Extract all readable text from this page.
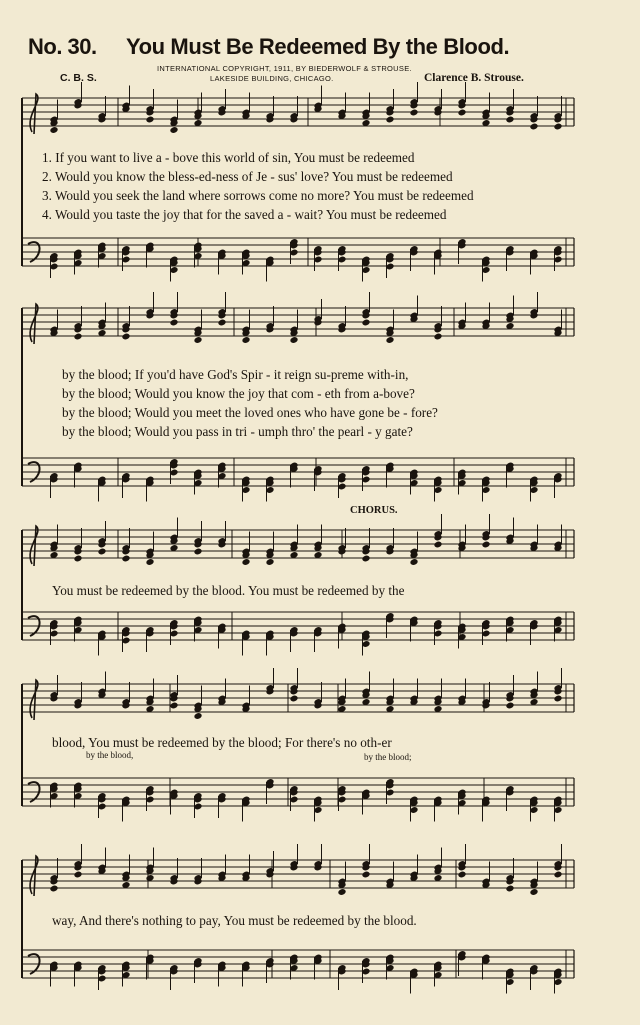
No. 30. You Must Be Redeemed By the Blood.
INTERNATIONAL COPYRIGHT, 1911, BY BIEDERWOLF & STROUSE.
LAKESIDE BUILDING, CHICAGO.
C. B. S.	Clarence B. Strouse.
1. If you want to live a - bove this world of sin, You must be redeemed
2. Would you know the bless-ed-ness of Je - sus' love? You must be redeemed
3. Would you seek the land where sorrows come no more? You must be redeemed
4. Would you taste the joy that for the saved a - wait? You must be redeemed
by the blood; If you'd have God's Spir - it reign su-preme with-in,
by the blood; Would you know the joy that com - eth from a-bove?
by the blood; Would you meet the loved ones who have gone be - fore?
by the blood; Would you pass in tri - umph thro' the pearl - y gate?
CHORUS.
You must be redeemed by the blood. You must be redeemed by the
blood, You must be redeemed by the blood; For there's no oth-er
by the blood,	by the blood;
way, And there's nothing to pay, You must be redeemed by the blood.
